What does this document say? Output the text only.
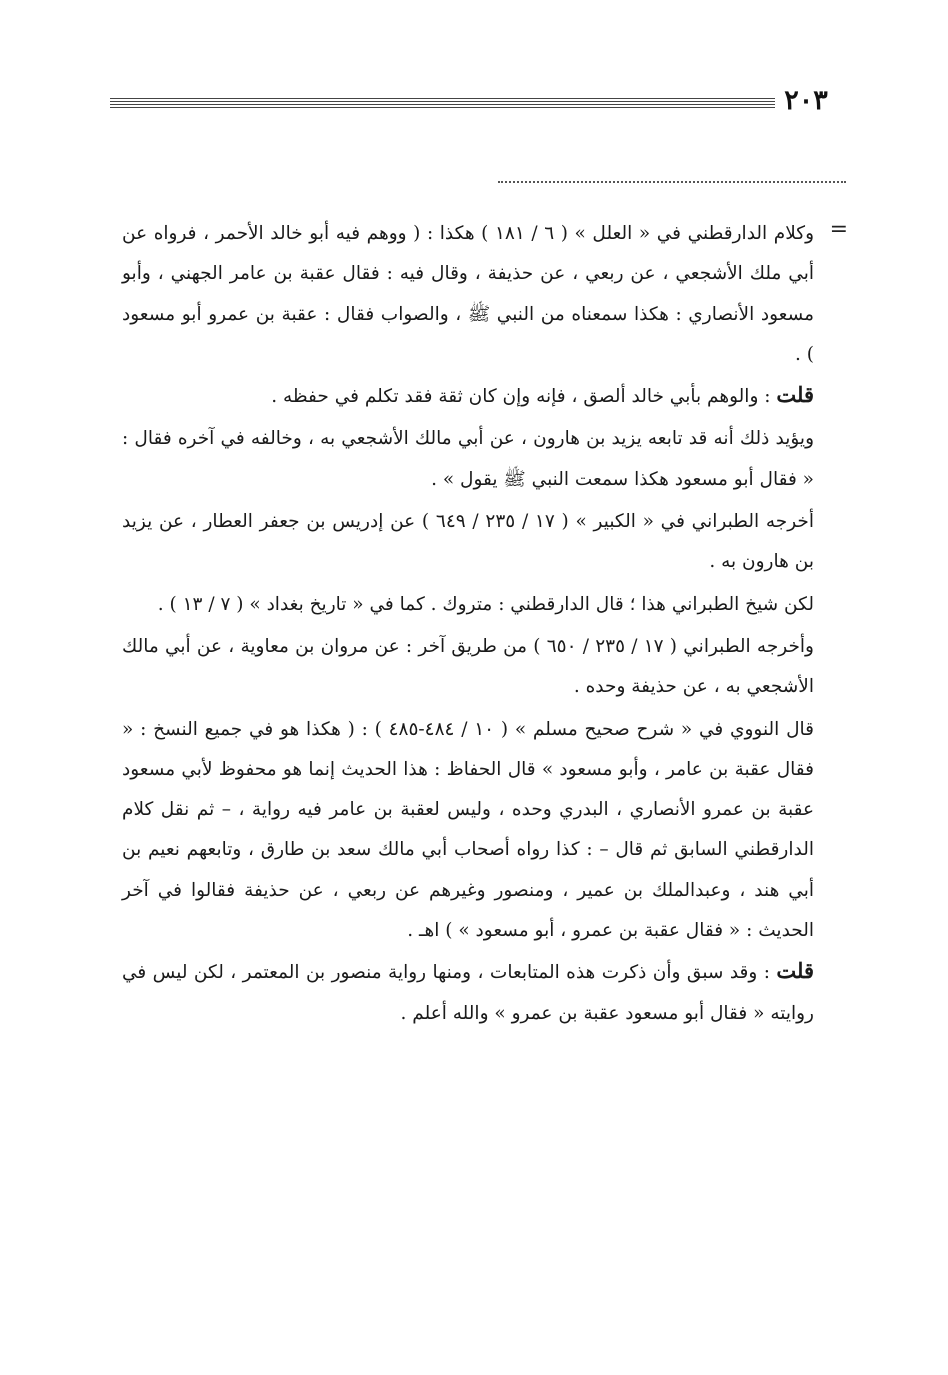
٢٠٣
=

وكلام الدارقطني في « العلل » ( ٦ / ١٨١ ) هكذا : ( ووهم فيه أبو خالد الأحمر ، فرواه عن أبي ملك الأشجعي ، عن ربعي ، عن حذيفة ، وقال فيه : فقال عقبة بن عامر الجهني ، وأبو مسعود الأنصاري : هكذا سمعناه من النبي ﷺ ، والصواب فقال : عقبة بن عمرو أبو مسعود ) .

قلت : والوهم بأبي خالد ألصق ، فإنه وإن كان ثقة فقد تكلم في حفظه .

ويؤيد ذلك أنه قد تابعه يزيد بن هارون ، عن أبي مالك الأشجعي به ، وخالفه في آخره فقال : « فقال أبو مسعود هكذا سمعت النبي ﷺ يقول » .

أخرجه الطبراني في « الكبير » ( ١٧ / ٢٣٥ / ٦٤٩ ) عن إدريس بن جعفر العطار ، عن يزيد بن هارون به .

لكن شيخ الطبراني هذا ؛ قال الدارقطني : متروك . كما في « تاريخ بغداد » ( ٧ / ١٣ ) .

وأخرجه الطبراني ( ١٧ / ٢٣٥ / ٦٥٠ ) من طريق آخر : عن مروان بن معاوية ، عن أبي مالك الأشجعي به ، عن حذيفة وحده .

قال النووي في « شرح صحيح مسلم » ( ١٠ / ٤٨٤-٤٨٥ ) : ( هكذا هو في جميع النسخ : « فقال عقبة بن عامر ، وأبو مسعود » قال الحفاظ : هذا الحديث إنما هو محفوظ لأبي مسعود عقبة بن عمرو الأنصاري ، البدري وحده ، وليس لعقبة بن عامر فيه رواية ، – ثم نقل كلام الدارقطني السابق ثم قال – : كذا رواه أصحاب أبي مالك سعد بن طارق ، وتابعهم نعيم بن أبي هند ، وعبدالملك بن عمير ، ومنصور وغيرهم عن ربعي ، عن حذيفة فقالوا في آخر الحديث : « فقال عقبة بن عمرو ، أبو مسعود » ) اهـ .

قلت : وقد سبق وأن ذكرت هذه المتابعات ، ومنها رواية منصور بن المعتمر ، لكن ليس في روايته « فقال أبو مسعود عقبة بن عمرو » والله أعلم .
